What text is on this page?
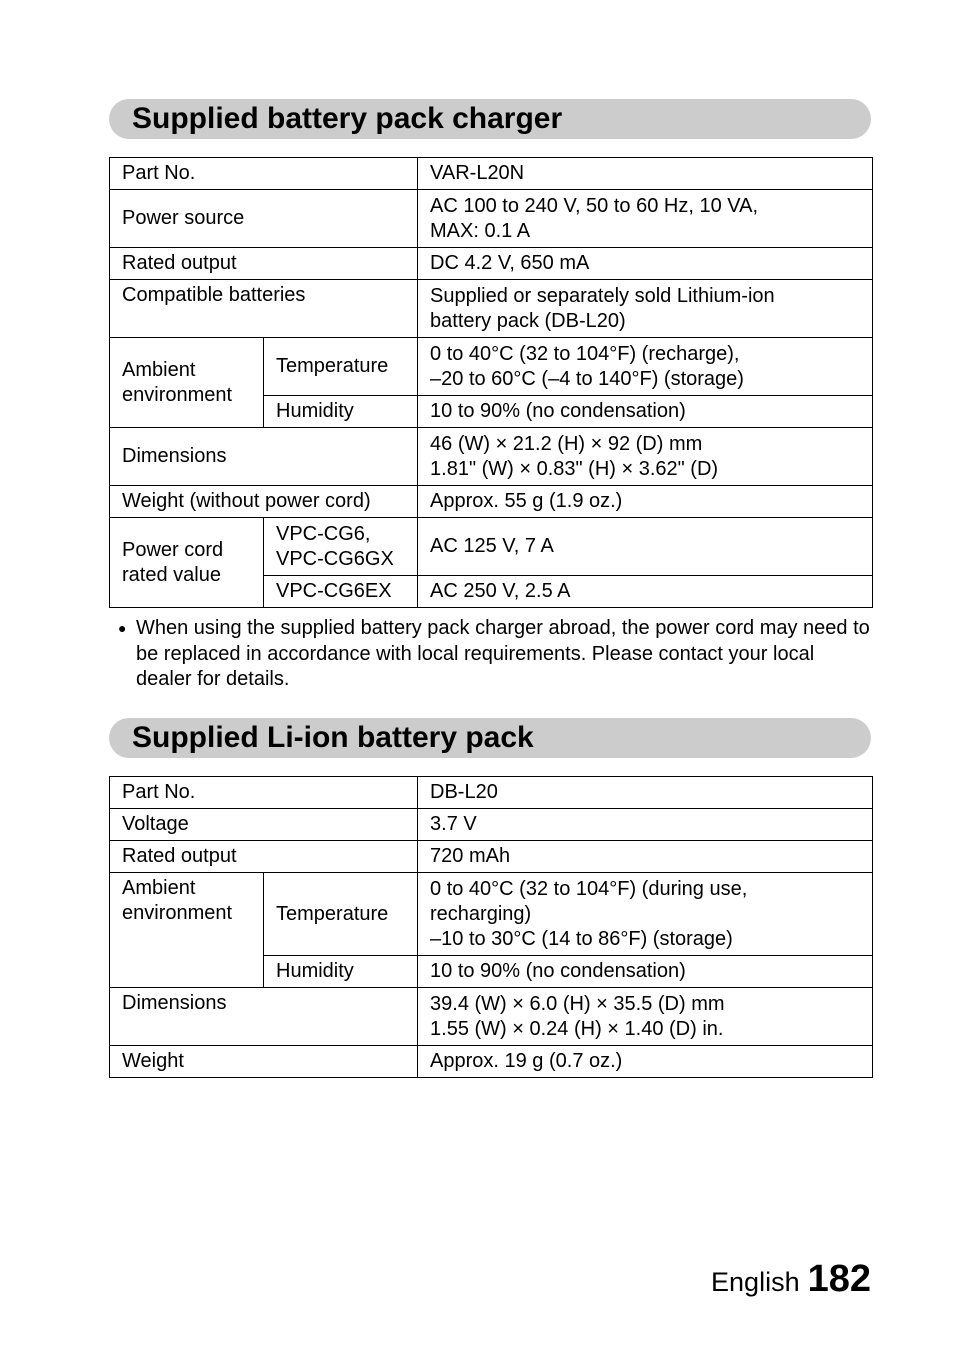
Supplied battery pack charger
Part No.		VAR-L20N
Power source		AC 100 to 240 V, 50 to 60 Hz, 10 VA,
MAX: 0.1 A
Rated output		DC 4.2 V, 650 mA
Compatible batteries		Supplied or separately sold Lithium-ion
battery pack (DB-L20)
Ambient
environment	Temperature	0 to 40°C (32 to 104°F) (recharge),
–20 to 60°C (–4 to 140°F) (storage)
	Humidity	10 to 90% (no condensation)
Dimensions		46 (W) × 21.2 (H) × 92 (D) mm
1.81" (W) × 0.83" (H) × 3.62" (D)
Weight (without power cord)		Approx. 55 g (1.9 oz.)
Power cord
rated value	VPC-CG6,
VPC-CG6GX	AC 125 V, 7 A
	VPC-CG6EX	AC 250 V, 2.5 A
● When using the supplied battery pack charger abroad, the power cord may need to be replaced in accordance with local requirements. Please contact your local dealer for details.
Supplied Li-ion battery pack
Part No.		DB-L20
Voltage		3.7 V
Rated output		720 mAh
Ambient
environment	Temperature	0 to 40°C (32 to 104°F) (during use,
recharging)
–10 to 30°C (14 to 86°F) (storage)
	Humidity	10 to 90% (no condensation)
Dimensions		39.4 (W) × 6.0 (H) × 35.5 (D) mm
1.55 (W) × 0.24 (H) × 1.40 (D) in.
Weight		Approx. 19 g (0.7 oz.)
English 182
